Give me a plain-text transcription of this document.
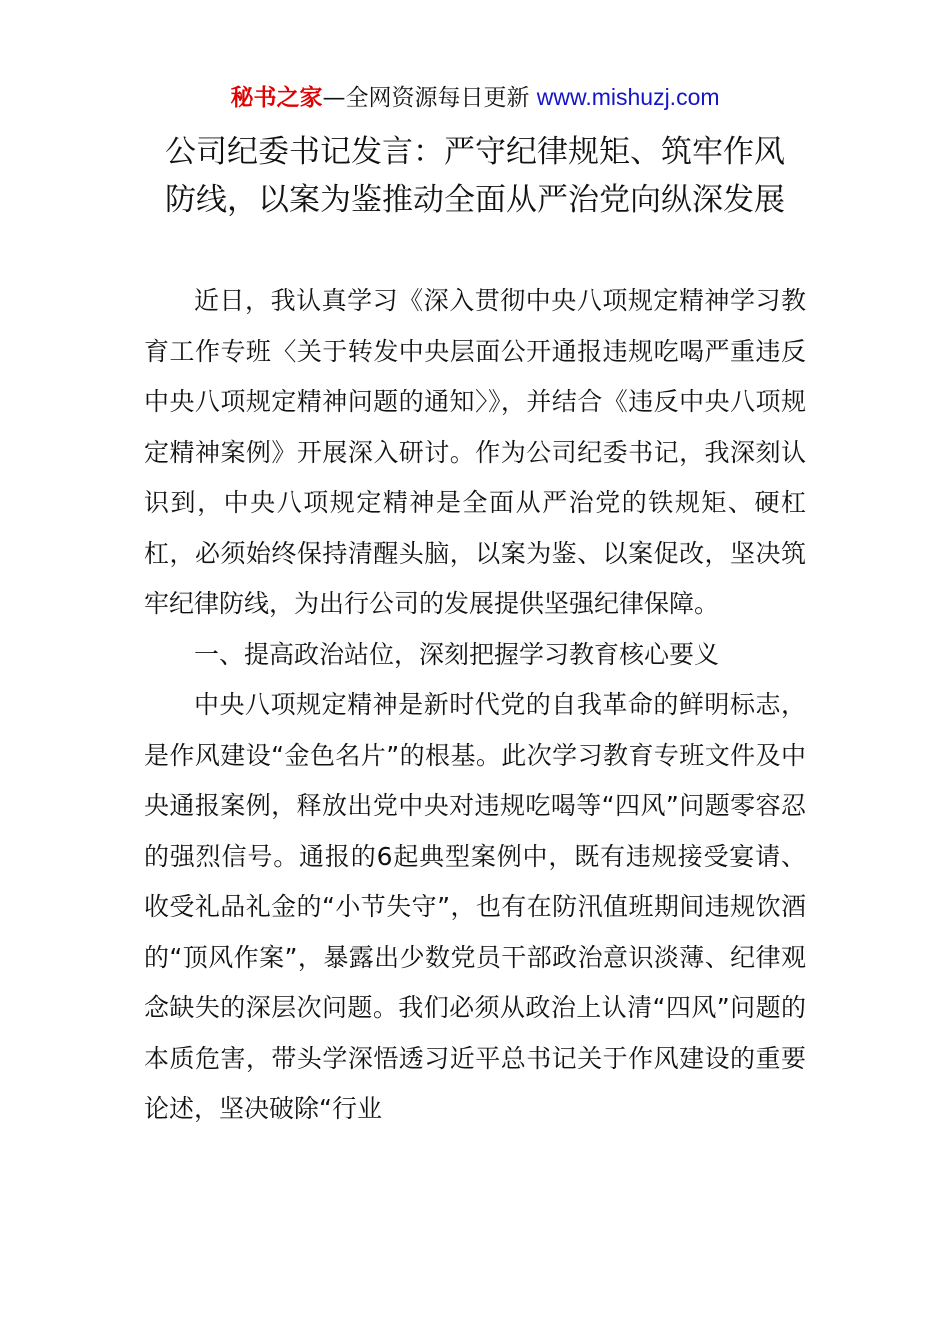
秘书之家—全网资源每日更新 www.mishuzj.com
公司纪委书记发言：严守纪律规矩、筑牢作风
防线，以案为鉴推动全面从严治党向纵深发展

近日，我认真学习《深入贯彻中央八项规定精神学习教育工作专班〈关于转发中央层面公开通报违规吃喝严重违反中央八项规定精神问题的通知〉》，并结合《违反中央八项规定精神案例》开展深入研讨。作为公司纪委书记，我深刻认识到，中央八项规定精神是全面从严治党的铁规矩、硬杠杠，必须始终保持清醒头脑，以案为鉴、以案促改，坚决筑牢纪律防线，为出行公司的发展提供坚强纪律保障。

一、提高政治站位，深刻把握学习教育核心要义

中央八项规定精神是新时代党的自我革命的鲜明标志，是作风建设“金色名片”的根基。此次学习教育专班文件及中央通报案例，释放出党中央对违规吃喝等“四风”问题零容忍的强烈信号。通报的6起典型案例中，既有违规接受宴请、收受礼品礼金的“小节失守”，也有在防汛值班期间违规饮酒的“顶风作案”，暴露出少数党员干部政治意识淡薄、纪律观念缺失的深层次问题。我们必须从政治上认清“四风”问题的本质危害，带头学深悟透习近平总书记关于作风建设的重要论述，坚决破除“行业
